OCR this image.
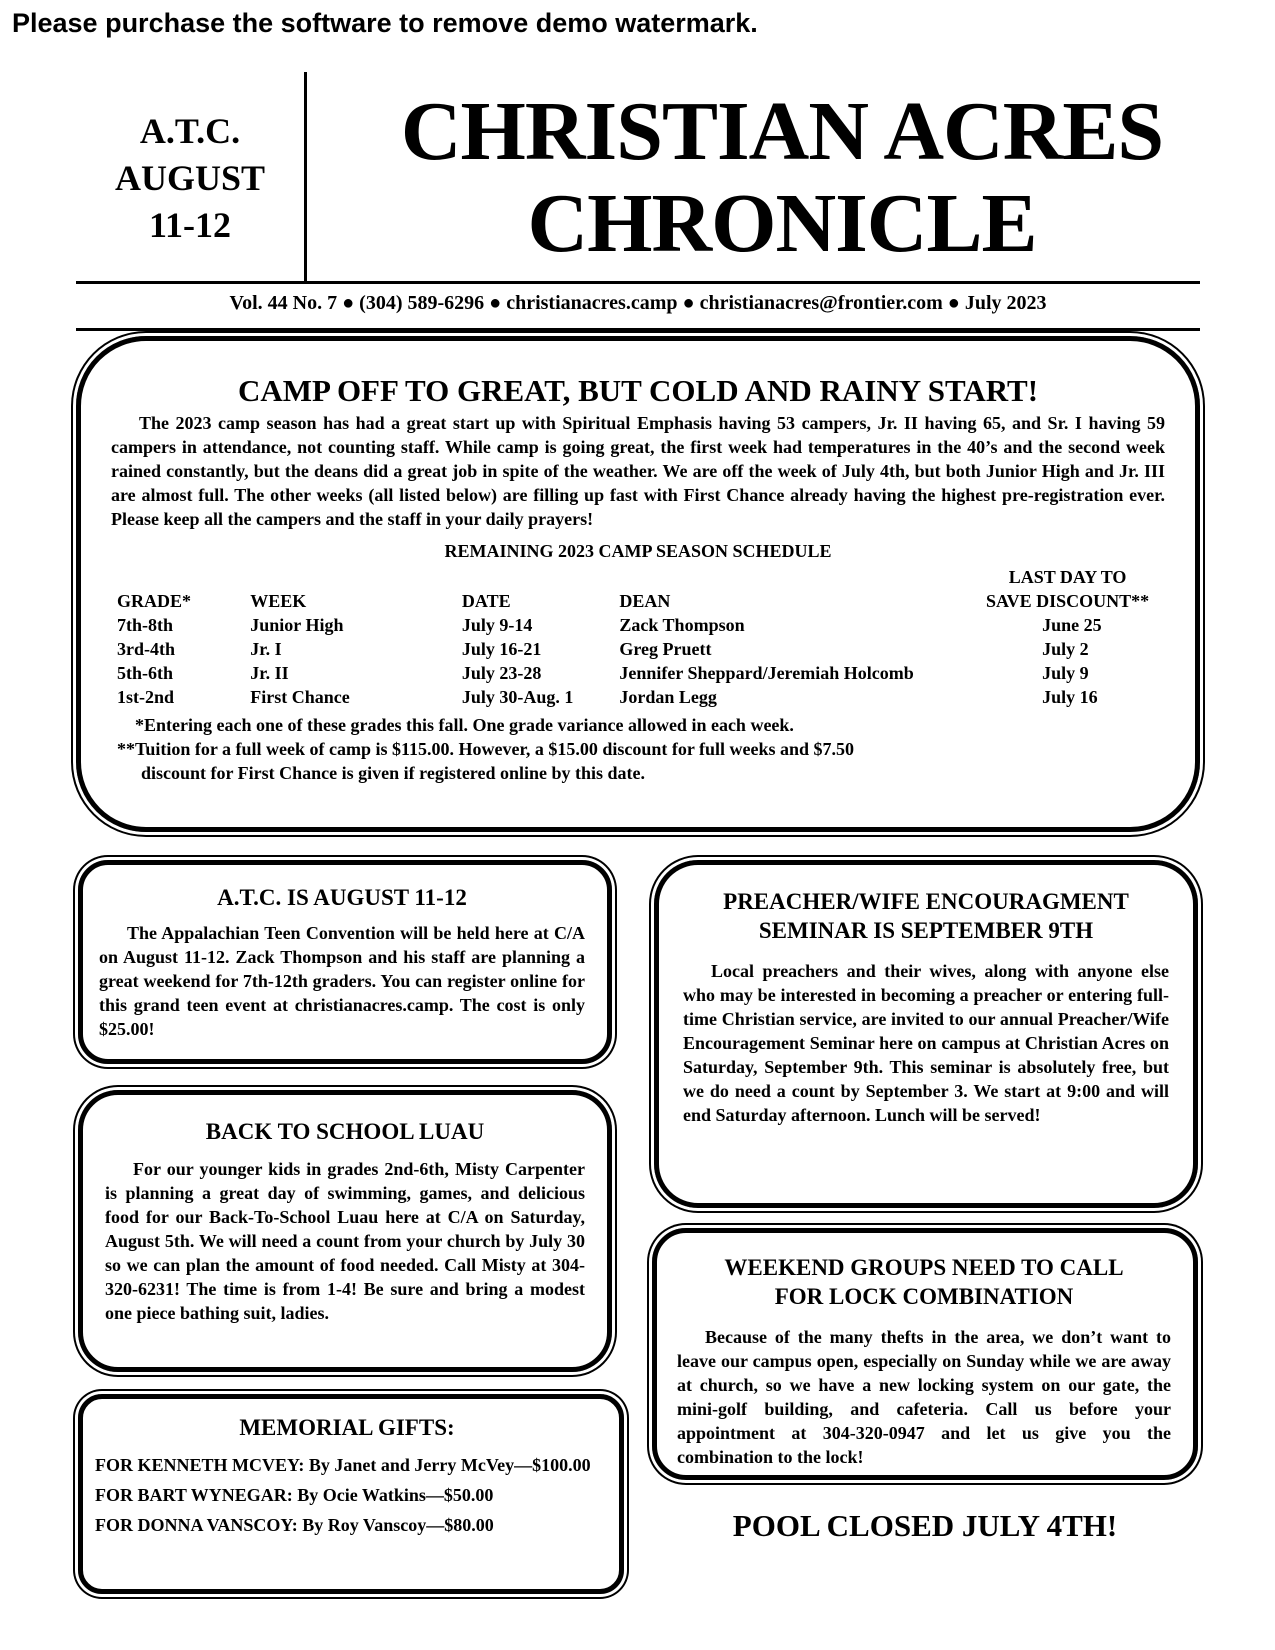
Please purchase the software to remove demo watermark.
A.T.C.
AUGUST
11-12
CHRISTIAN ACRES
CHRONICLE
Vol. 44 No. 7 ● (304) 589-6296 ● christianacres.camp ● christianacres@frontier.com ● July 2023
CAMP OFF TO GREAT, BUT COLD AND RAINY START!

The 2023 camp season has had a great start up with Spiritual Emphasis having 53 campers, Jr. II having 65, and Sr. I having 59 campers in attendance, not counting staff. While camp is going great, the first week had temperatures in the 40’s and the second week rained constantly, but the deans did a great job in spite of the weather. We are off the week of July 4th, but both Junior High and Jr. III are almost full. The other weeks (all listed below) are filling up fast with First Chance already having the highest pre-registration ever. Please keep all the campers and the staff in your daily prayers!

REMAINING 2023 CAMP SEASON SCHEDULE
GRADE*	WEEK	DATE	DEAN	LAST DAY TO
SAVE DISCOUNT**

7th-8th	Junior High	July 9-14	Zack Thompson	June 25
3rd-4th	Jr. I	July 16-21	Greg Pruett	July 2
5th-6th	Jr. II	July 23-28	Jennifer Sheppard/Jeremiah Holcomb	July 9
1st-2nd	First Chance	July 30-Aug. 1	Jordan Legg	July 16
*Entering each one of these grades this fall. One grade variance allowed in each week.
**Tuition for a full week of camp is $115.00. However, a $15.00 discount for full weeks and $7.50
discount for First Chance is given if registered online by this date.
A.T.C. IS AUGUST 11-12

The Appalachian Teen Convention will be held here at C/A on August 11-12. Zack Thompson and his staff are planning a great weekend for 7th-12th graders. You can register online for this grand teen event at christianacres.camp. The cost is only $25.00!

BACK TO SCHOOL LUAU

For our younger kids in grades 2nd-6th, Misty Carpenter is planning a great day of swimming, games, and delicious food for our Back-To-School Luau here at C/A on Saturday, August 5th. We will need a count from your church by July 30 so we can plan the amount of food needed. Call Misty at 304-320-6231! The time is from 1-4! Be sure and bring a modest one piece bathing suit, ladies.

MEMORIAL GIFTS:
FOR KENNETH MCVEY: By Janet and Jerry McVey—$100.00
FOR BART WYNEGAR: By Ocie Watkins—$50.00
FOR DONNA VANSCOY: By Roy Vanscoy—$80.00
PREACHER/WIFE ENCOURAGMENT
SEMINAR IS SEPTEMBER 9TH

Local preachers and their wives, along with anyone else who may be interested in becoming a preacher or entering full-time Christian service, are invited to our annual Preacher/Wife Encouragement Seminar here on campus at Christian Acres on Saturday, September 9th. This seminar is absolutely free, but we do need a count by September 3. We start at 9:00 and will end Saturday afternoon. Lunch will be served!

WEEKEND GROUPS NEED TO CALL
FOR LOCK COMBINATION

Because of the many thefts in the area, we don’t want to leave our campus open, especially on Sunday while we are away at church, so we have a new locking system on our gate, the mini-golf building, and cafeteria. Call us before your appointment at 304-320-0947 and let us give you the combination to the lock!

POOL CLOSED JULY 4TH!
